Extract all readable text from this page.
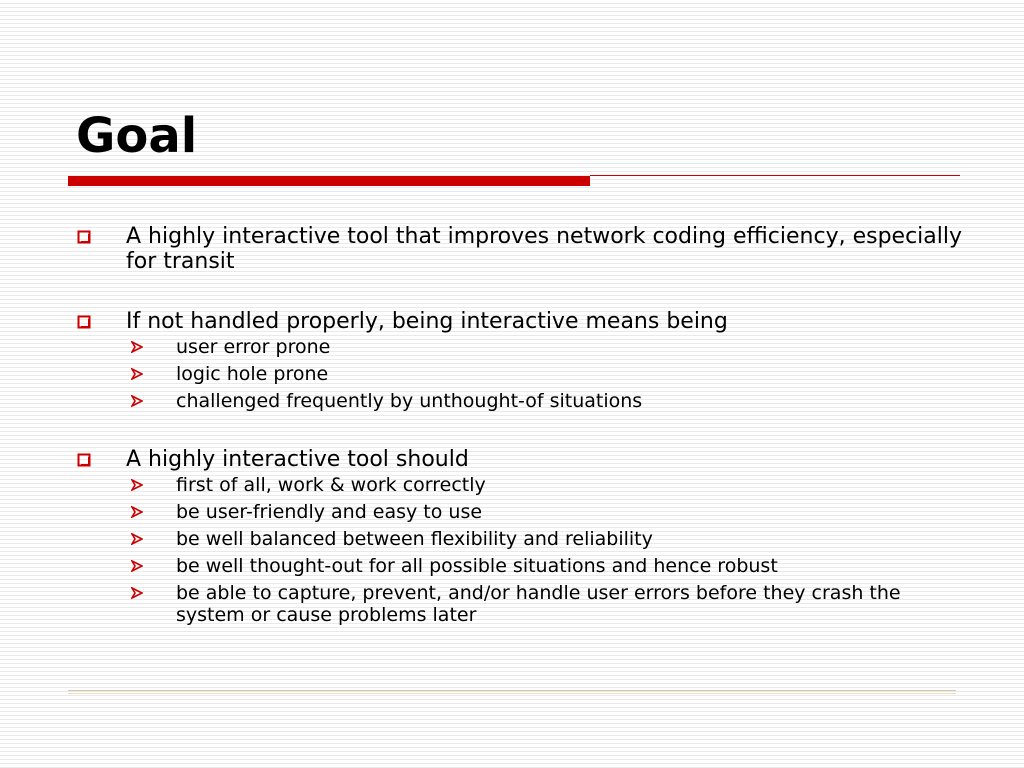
Goal
A highly interactive tool that improves network coding efficiency, especially for transit
If not handled properly, being interactive means being
user error prone
logic hole prone
challenged frequently by unthought-of situations
A highly interactive tool should
first of all, work & work correctly
be user-friendly and easy to use
be well balanced between flexibility and reliability
be well thought-out for all possible situations and hence robust
be able to capture, prevent, and/or handle user errors before they crash the system or cause problems later
